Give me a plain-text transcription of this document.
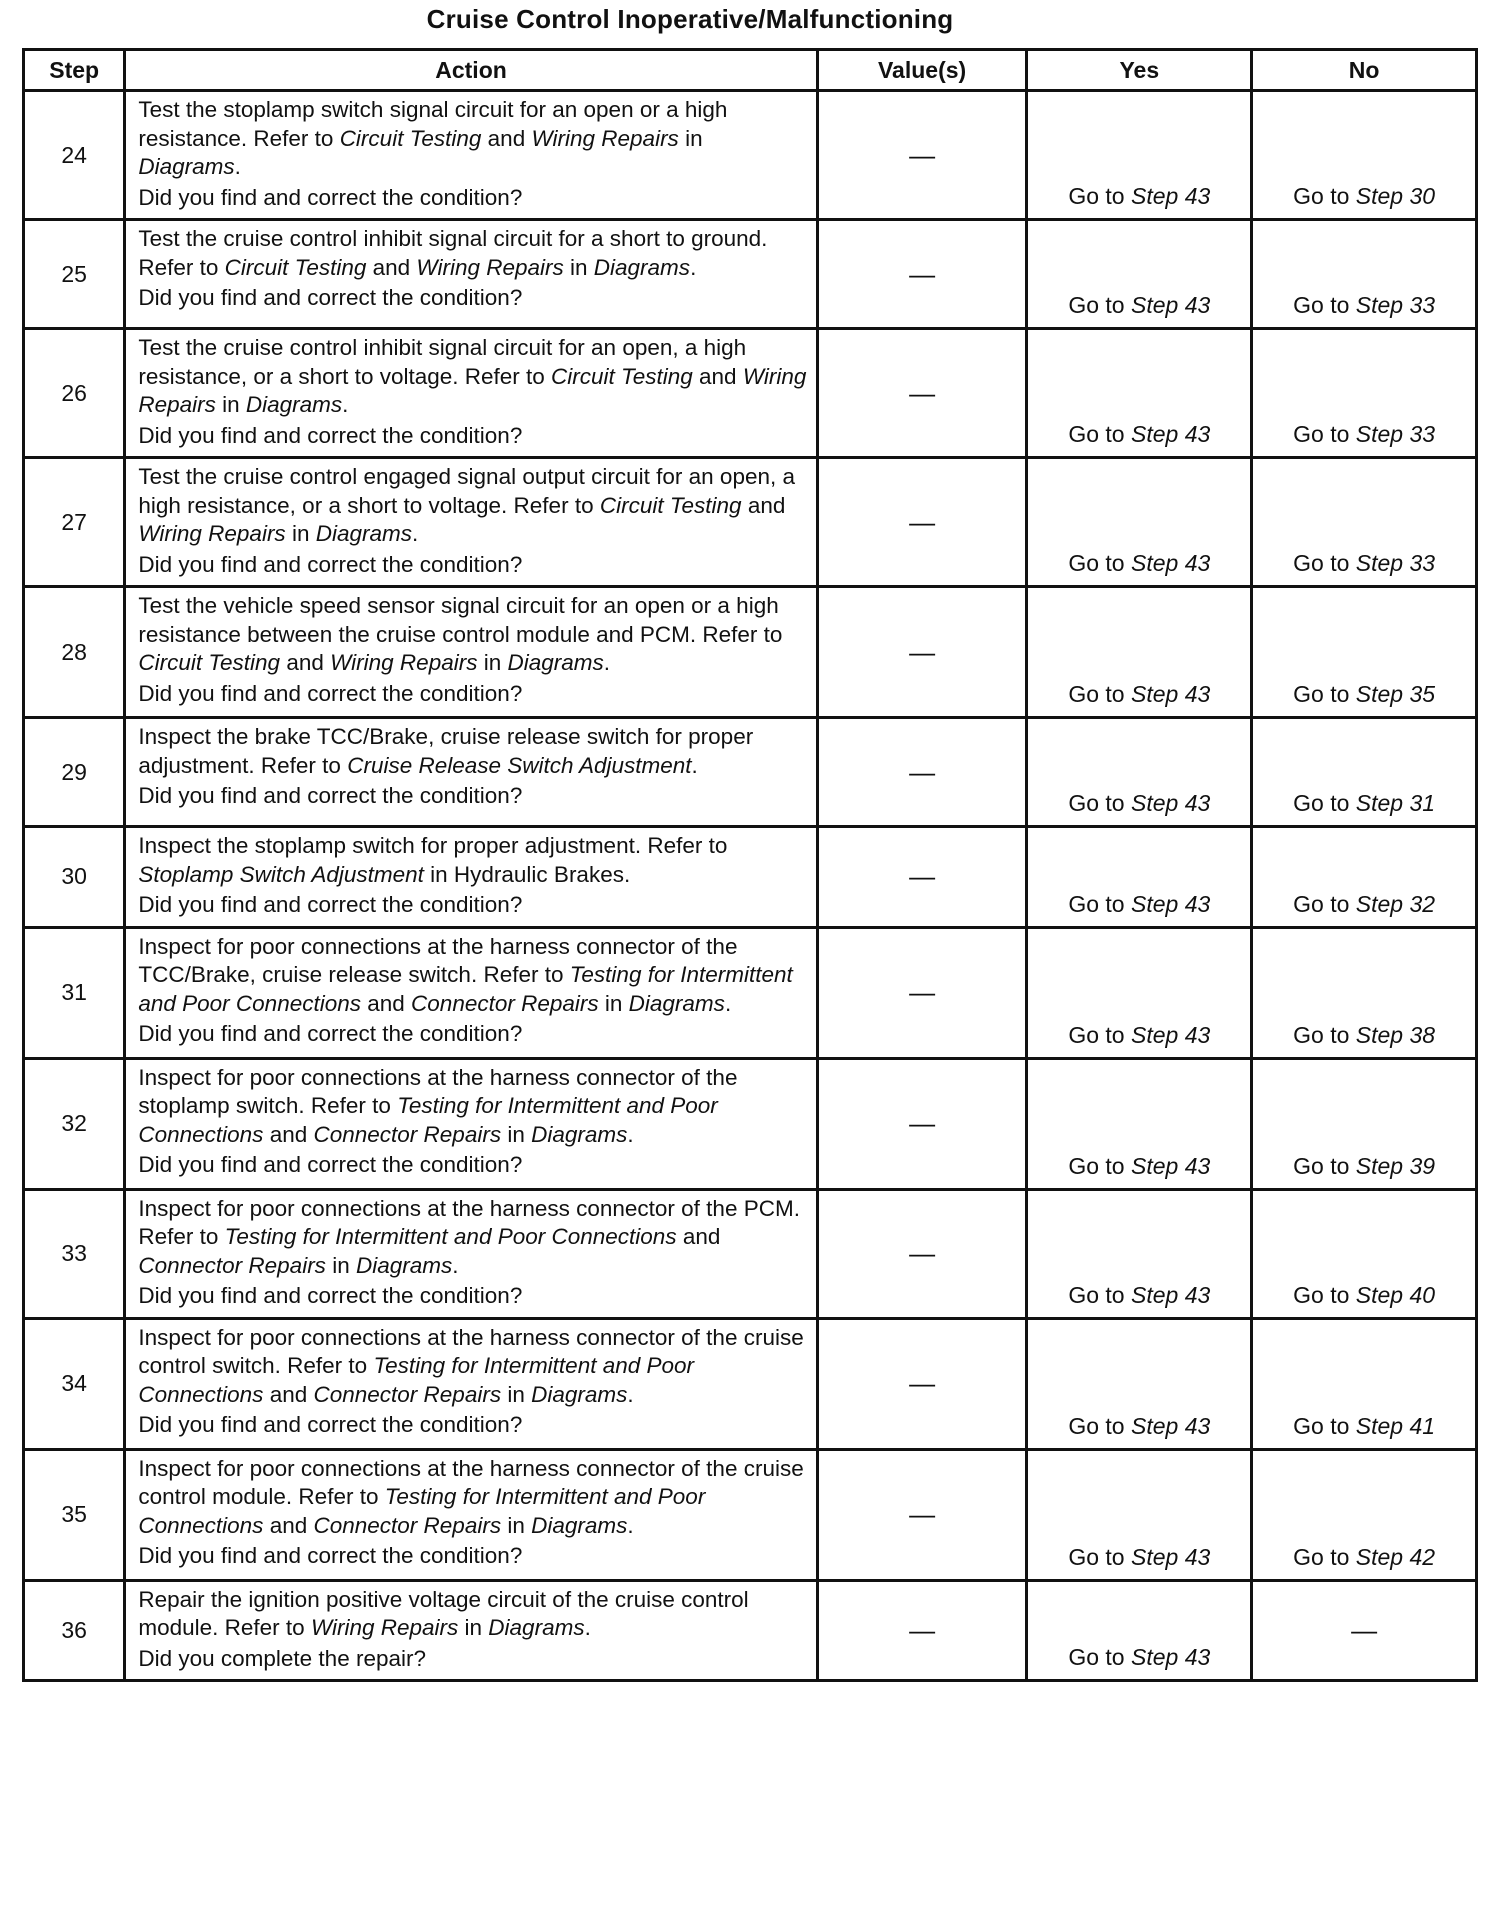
Cruise Control Inoperative/Malfunctioning
Step	Action	Value(s)	Yes	No
24	Test the stoplamp switch signal circuit for an open or a high resistance. Refer to Circuit Testing and Wiring Repairs in Diagrams.
Did you find and correct the condition?	—	Go to Step 43	Go to Step 30
25	Test the cruise control inhibit signal circuit for a short to ground. Refer to Circuit Testing and Wiring Repairs in Diagrams.
Did you find and correct the condition?	—	Go to Step 43	Go to Step 33
26	Test the cruise control inhibit signal circuit for an open, a high resistance, or a short to voltage. Refer to Circuit Testing and Wiring Repairs in Diagrams.
Did you find and correct the condition?	—	Go to Step 43	Go to Step 33
27	Test the cruise control engaged signal output circuit for an open, a high resistance, or a short to voltage. Refer to Circuit Testing and Wiring Repairs in Diagrams.
Did you find and correct the condition?	—	Go to Step 43	Go to Step 33
28	Test the vehicle speed sensor signal circuit for an open or a high resistance between the cruise control module and PCM. Refer to Circuit Testing and Wiring Repairs in Diagrams.
Did you find and correct the condition?	—	Go to Step 43	Go to Step 35
29	Inspect the brake TCC/Brake, cruise release switch for proper adjustment. Refer to Cruise Release Switch Adjustment.
Did you find and correct the condition?	—	Go to Step 43	Go to Step 31
30	Inspect the stoplamp switch for proper adjustment. Refer to Stoplamp Switch Adjustment in Hydraulic Brakes.
Did you find and correct the condition?	—	Go to Step 43	Go to Step 32
31	Inspect for poor connections at the harness connector of the TCC/Brake, cruise release switch. Refer to Testing for Intermittent and Poor Connections and Connector Repairs in Diagrams.
Did you find and correct the condition?	—	Go to Step 43	Go to Step 38
32	Inspect for poor connections at the harness connector of the stoplamp switch. Refer to Testing for Intermittent and Poor Connections and Connector Repairs in Diagrams.
Did you find and correct the condition?	—	Go to Step 43	Go to Step 39
33	Inspect for poor connections at the harness connector of the PCM. Refer to Testing for Intermittent and Poor Connections and Connector Repairs in Diagrams.
Did you find and correct the condition?	—	Go to Step 43	Go to Step 40
34	Inspect for poor connections at the harness connector of the cruise control switch. Refer to Testing for Intermittent and Poor Connections and Connector Repairs in Diagrams.
Did you find and correct the condition?	—	Go to Step 43	Go to Step 41
35	Inspect for poor connections at the harness connector of the cruise control module. Refer to Testing for Intermittent and Poor Connections and Connector Repairs in Diagrams.
Did you find and correct the condition?	—	Go to Step 43	Go to Step 42
36	Repair the ignition positive voltage circuit of the cruise control module. Refer to Wiring Repairs in Diagrams.
Did you complete the repair?	—	Go to Step 43	—
